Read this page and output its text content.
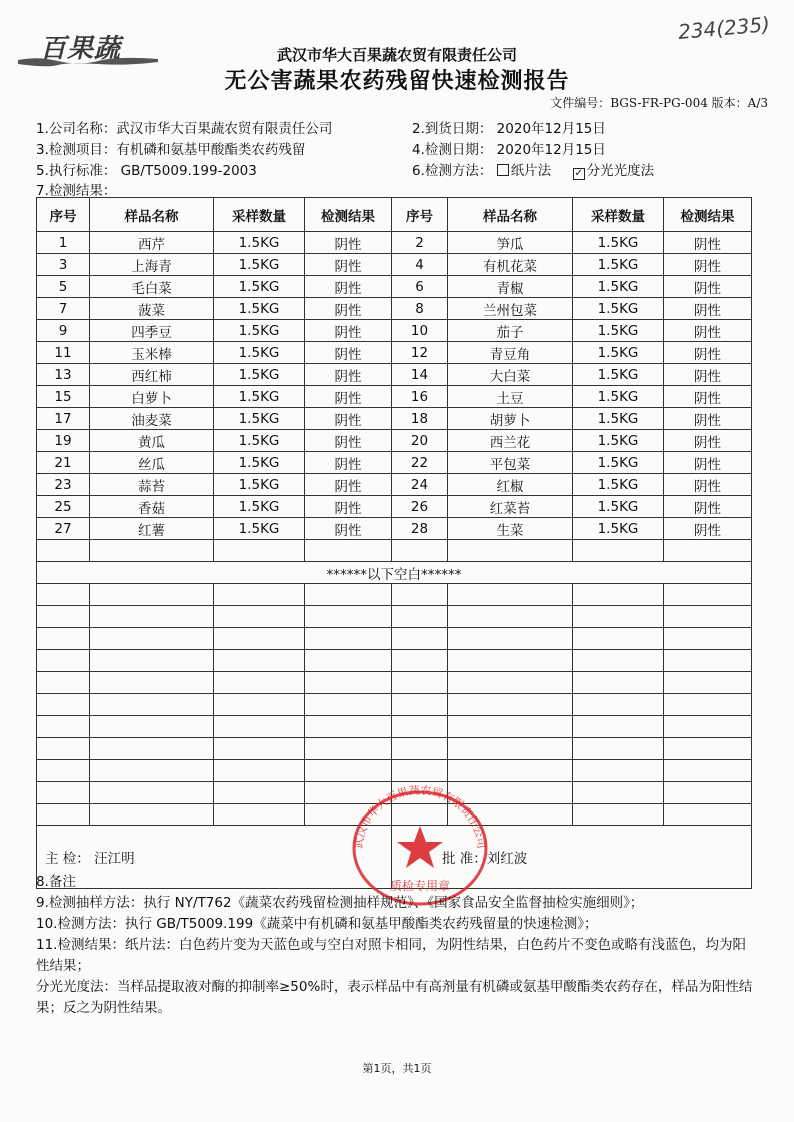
百果蔬
234(235)
武汉市华大百果蔬农贸有限责任公司
无公害蔬果农药残留快速检测报告
文件编号：BGS-FR-PG-004 版本：A/3
1.公司名称：武汉市华大百果蔬农贸有限责任公司	2.到货日期： 2020年12月15日
3.检测项目：有机磷和氨基甲酸酯类农药残留	4.检测日期： 2020年12月15日
5.执行标准： GB/T5009.199-2003	6.检测方法： 纸片法 ✓ 分光光度法
7.检测结果：
序号	样品名称	采样数量	检测结果	序号	样品名称	采样数量	检测结果
1	西芹	1.5KG	阴性	2	笋瓜	1.5KG	阴性
3	上海青	1.5KG	阴性	4	有机花菜	1.5KG	阴性
5	毛白菜	1.5KG	阴性	6	青椒	1.5KG	阴性
7	菠菜	1.5KG	阴性	8	兰州包菜	1.5KG	阴性
9	四季豆	1.5KG	阴性	10	茄子	1.5KG	阴性
11	玉米棒	1.5KG	阴性	12	青豆角	1.5KG	阴性
13	西红柿	1.5KG	阴性	14	大白菜	1.5KG	阴性
15	白萝卜	1.5KG	阴性	16	土豆	1.5KG	阴性
17	油麦菜	1.5KG	阴性	18	胡萝卜	1.5KG	阴性
19	黄瓜	1.5KG	阴性	20	西兰花	1.5KG	阴性
21	丝瓜	1.5KG	阴性	22	平包菜	1.5KG	阴性
23	蒜苔	1.5KG	阴性	24	红椒	1.5KG	阴性
25	香菇	1.5KG	阴性	26	红菜苔	1.5KG	阴性
27	红薯	1.5KG	阴性	28	生菜	1.5KG	阴性

******以下空白******							

主 检： 汪江明				批 准：刘红波			
武汉市华大百果蔬农贸有限责任公司
质检专用章

8.备注

9.检测抽样方法：执行 NY/T762《蔬菜农药残留检测抽样规范》、《国家食品安全监督抽检实施细则》；

10.检测方法：执行 GB/T5009.199《蔬菜中有机磷和氨基甲酸酯类农药残留量的快速检测》；

11.检测结果：纸片法：白色药片变为天蓝色或与空白对照卡相同，为阴性结果，白色药片不变色或略有浅蓝色，均为阳性结果；

分光光度法：当样品提取液对酶的抑制率≥50%时，表示样品中有高剂量有机磷或氨基甲酸酯类农药存在，样品为阳性结果；反之为阴性结果。

第1页，共1页
